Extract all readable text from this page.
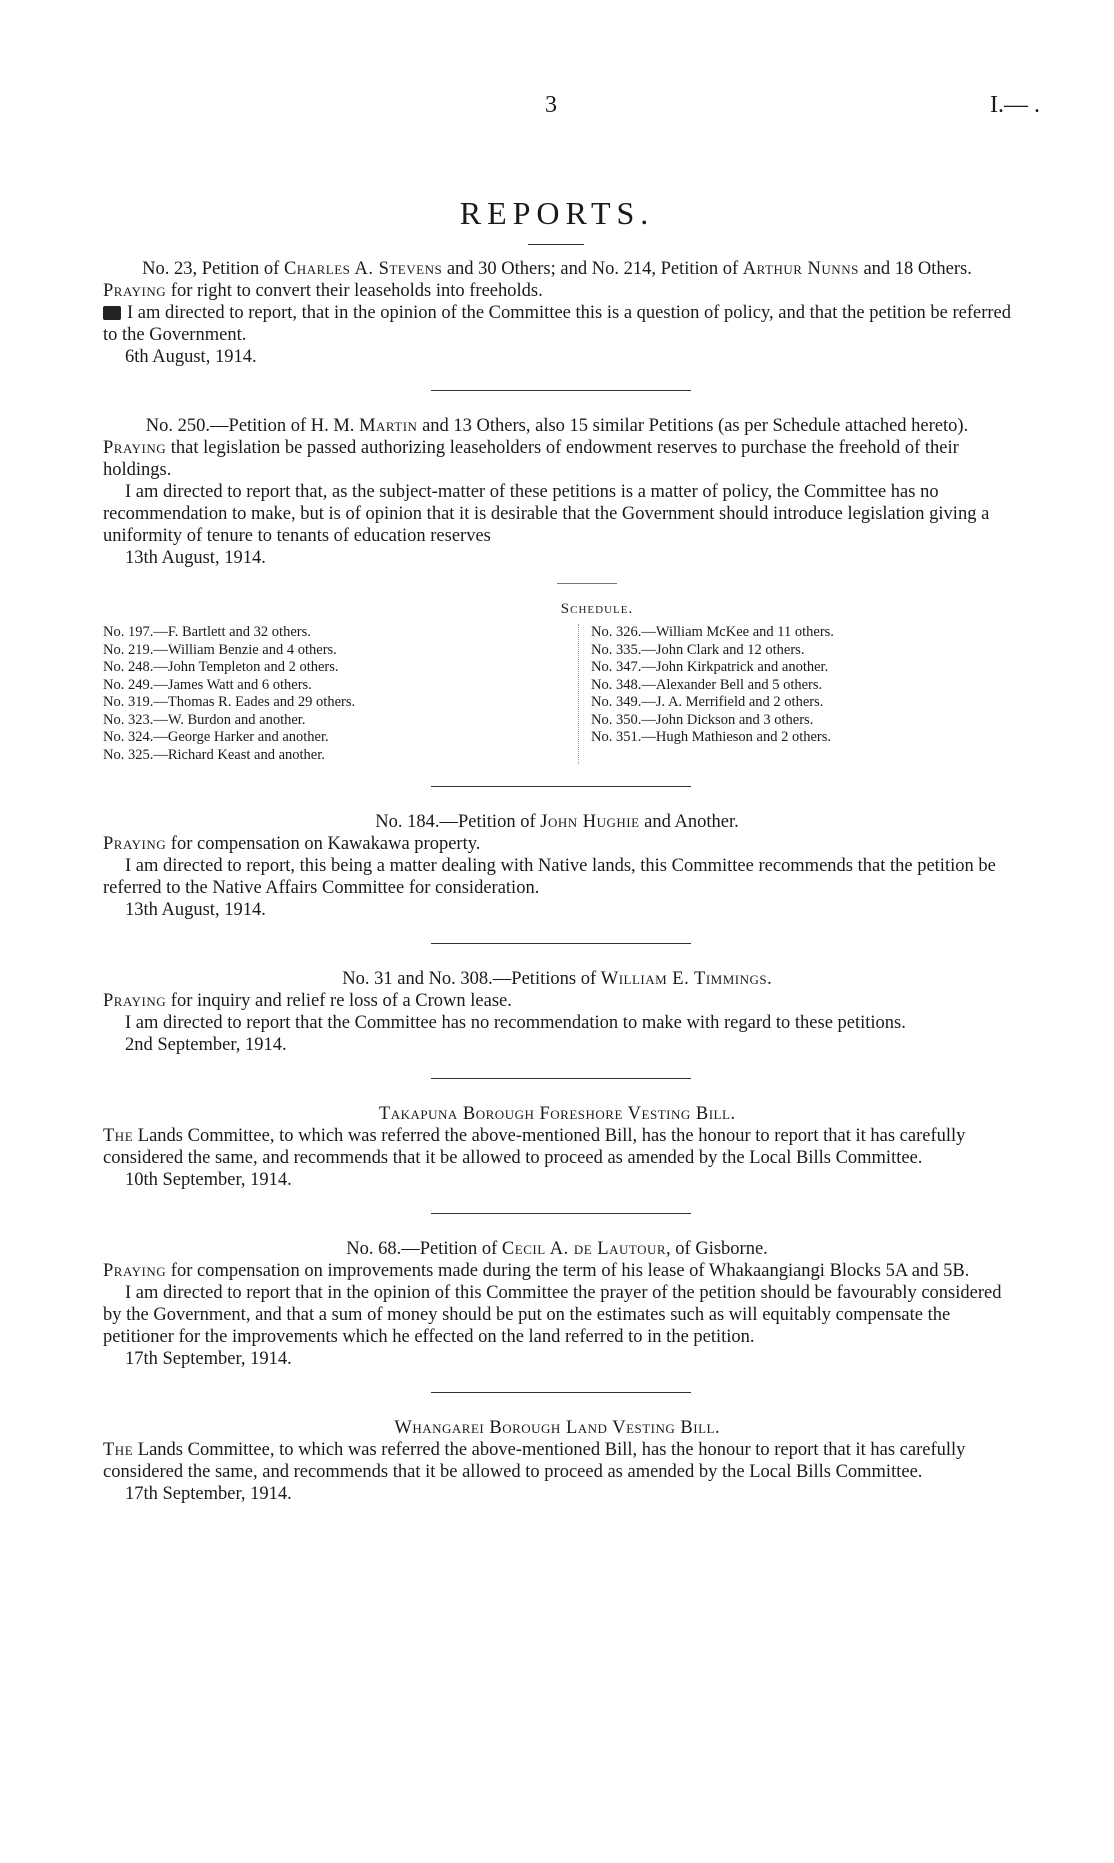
3	I.— .
REPORTS.

No. 23, Petition of Charles A. Stevens and 30 Others; and No. 214, Petition of Arthur Nunns and 18 Others.

Praying for right to convert their leaseholds into freeholds.

I am directed to report, that in the opinion of the Committee this is a question of policy, and that the petition be referred to the Government.

6th August, 1914.

No. 250.—Petition of H. M. Martin and 13 Others, also 15 similar Petitions (as per Schedule attached hereto).

Praying that legislation be passed authorizing leaseholders of endowment reserves to purchase the freehold of their holdings.

I am directed to report that, as the subject-matter of these petitions is a matter of policy, the Committee has no recommendation to make, but is of opinion that it is desirable that the Government should introduce legislation giving a uniformity of tenure to tenants of education reserves

13th August, 1914.

Schedule.
No. 197.—F. Bartlett and 32 others.
No. 219.—William Benzie and 4 others.
No. 248.—John Templeton and 2 others.
No. 249.—James Watt and 6 others.
No. 319.—Thomas R. Eades and 29 others.
No. 323.—W. Burdon and another.
No. 324.—George Harker and another.
No. 325.—Richard Keast and another.
No. 326.—William McKee and 11 others.
No. 335.—John Clark and 12 others.
No. 347.—John Kirkpatrick and another.
No. 348.—Alexander Bell and 5 others.
No. 349.—J. A. Merrifield and 2 others.
No. 350.—John Dickson and 3 others.
No. 351.—Hugh Mathieson and 2 others.

No. 184.—Petition of John Hughie and Another.

Praying for compensation on Kawakawa property.

I am directed to report, this being a matter dealing with Native lands, this Committee recommends that the petition be referred to the Native Affairs Committee for consideration.

13th August, 1914.

No. 31 and No. 308.—Petitions of William E. Timmings.

Praying for inquiry and relief re loss of a Crown lease.

I am directed to report that the Committee has no recommendation to make with regard to these petitions.

2nd September, 1914.

Takapuna Borough Foreshore Vesting Bill.

The Lands Committee, to which was referred the above-mentioned Bill, has the honour to report that it has carefully considered the same, and recommends that it be allowed to proceed as amended by the Local Bills Committee.

10th September, 1914.

No. 68.—Petition of Cecil A. de Lautour, of Gisborne.

Praying for compensation on improvements made during the term of his lease of Whakaangiangi Blocks 5A and 5B.

I am directed to report that in the opinion of this Committee the prayer of the petition should be favourably considered by the Government, and that a sum of money should be put on the estimates such as will equitably compensate the petitioner for the improvements which he effected on the land referred to in the petition.

17th September, 1914.

Whangarei Borough Land Vesting Bill.

The Lands Committee, to which was referred the above-mentioned Bill, has the honour to report that it has carefully considered the same, and recommends that it be allowed to proceed as amended by the Local Bills Committee.

17th September, 1914.
